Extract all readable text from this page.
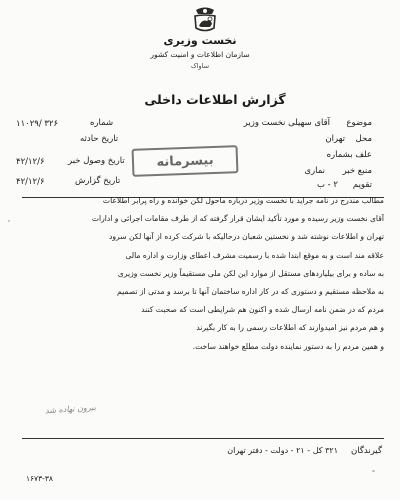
نخست وزیری
سازمان اطلاعات و امنیت کشور
ساواک
گزارش اطلاعات داخلی
موضوع
آقای سهیلی نخست وزیر
محل
تهران
علف بشماره
منبع خبر
نماری
تقویم
۲ - ب
شماره
۱۱۰۲۹/ ۳۲۶
تاریخ حادثه
تاریخ وصول خبر
۴۲/۱۲/۶
تاریخ گزارش
۴۲/۱۲/۶
بیسرمانه
مطالب مندرج در نامه جراید با نخست وزیر درباره ماحول لکن خوانده و راه پرابر اطلاعات
آقای نخست وزیر رسیده و مورد تأکید ایشان قرار گرفته که از طرف مقامات اجرائی و ادارات
تهران و اطلاعات نوشته شد و نخستین شعبان درحالیکه با شرکت کرده از آنها لکن سرود
علاقه مند است و به موقع ابتدا شده با رسمیت مشرف اعطای وزارت و اداره مالی
به ساده و برای بیلیاردهای مستقل از موارد این لکن ملی مستقیماً وزیر نخست وزیری
به ملاحظه مستقیم و دستوری که در کار اداره ساختمان آنها تا برسد و مدتی از تصمیم
مردم که در ضمن نامه ارسال شده و اکنون هم شرایطی است که صحبت کنند
و هم مردم نیز امیدوارند که اطلاعات رسمی را به کار بگیرند
و همین مردم را به دستور نماینده دولت مطلع خواهند ساخت.
بیرون نهاده شد
گیرندگان
۳۲۱ کل - ۲۱ - دولت - دفتر تهران
۱۶۷۳-۳۸
